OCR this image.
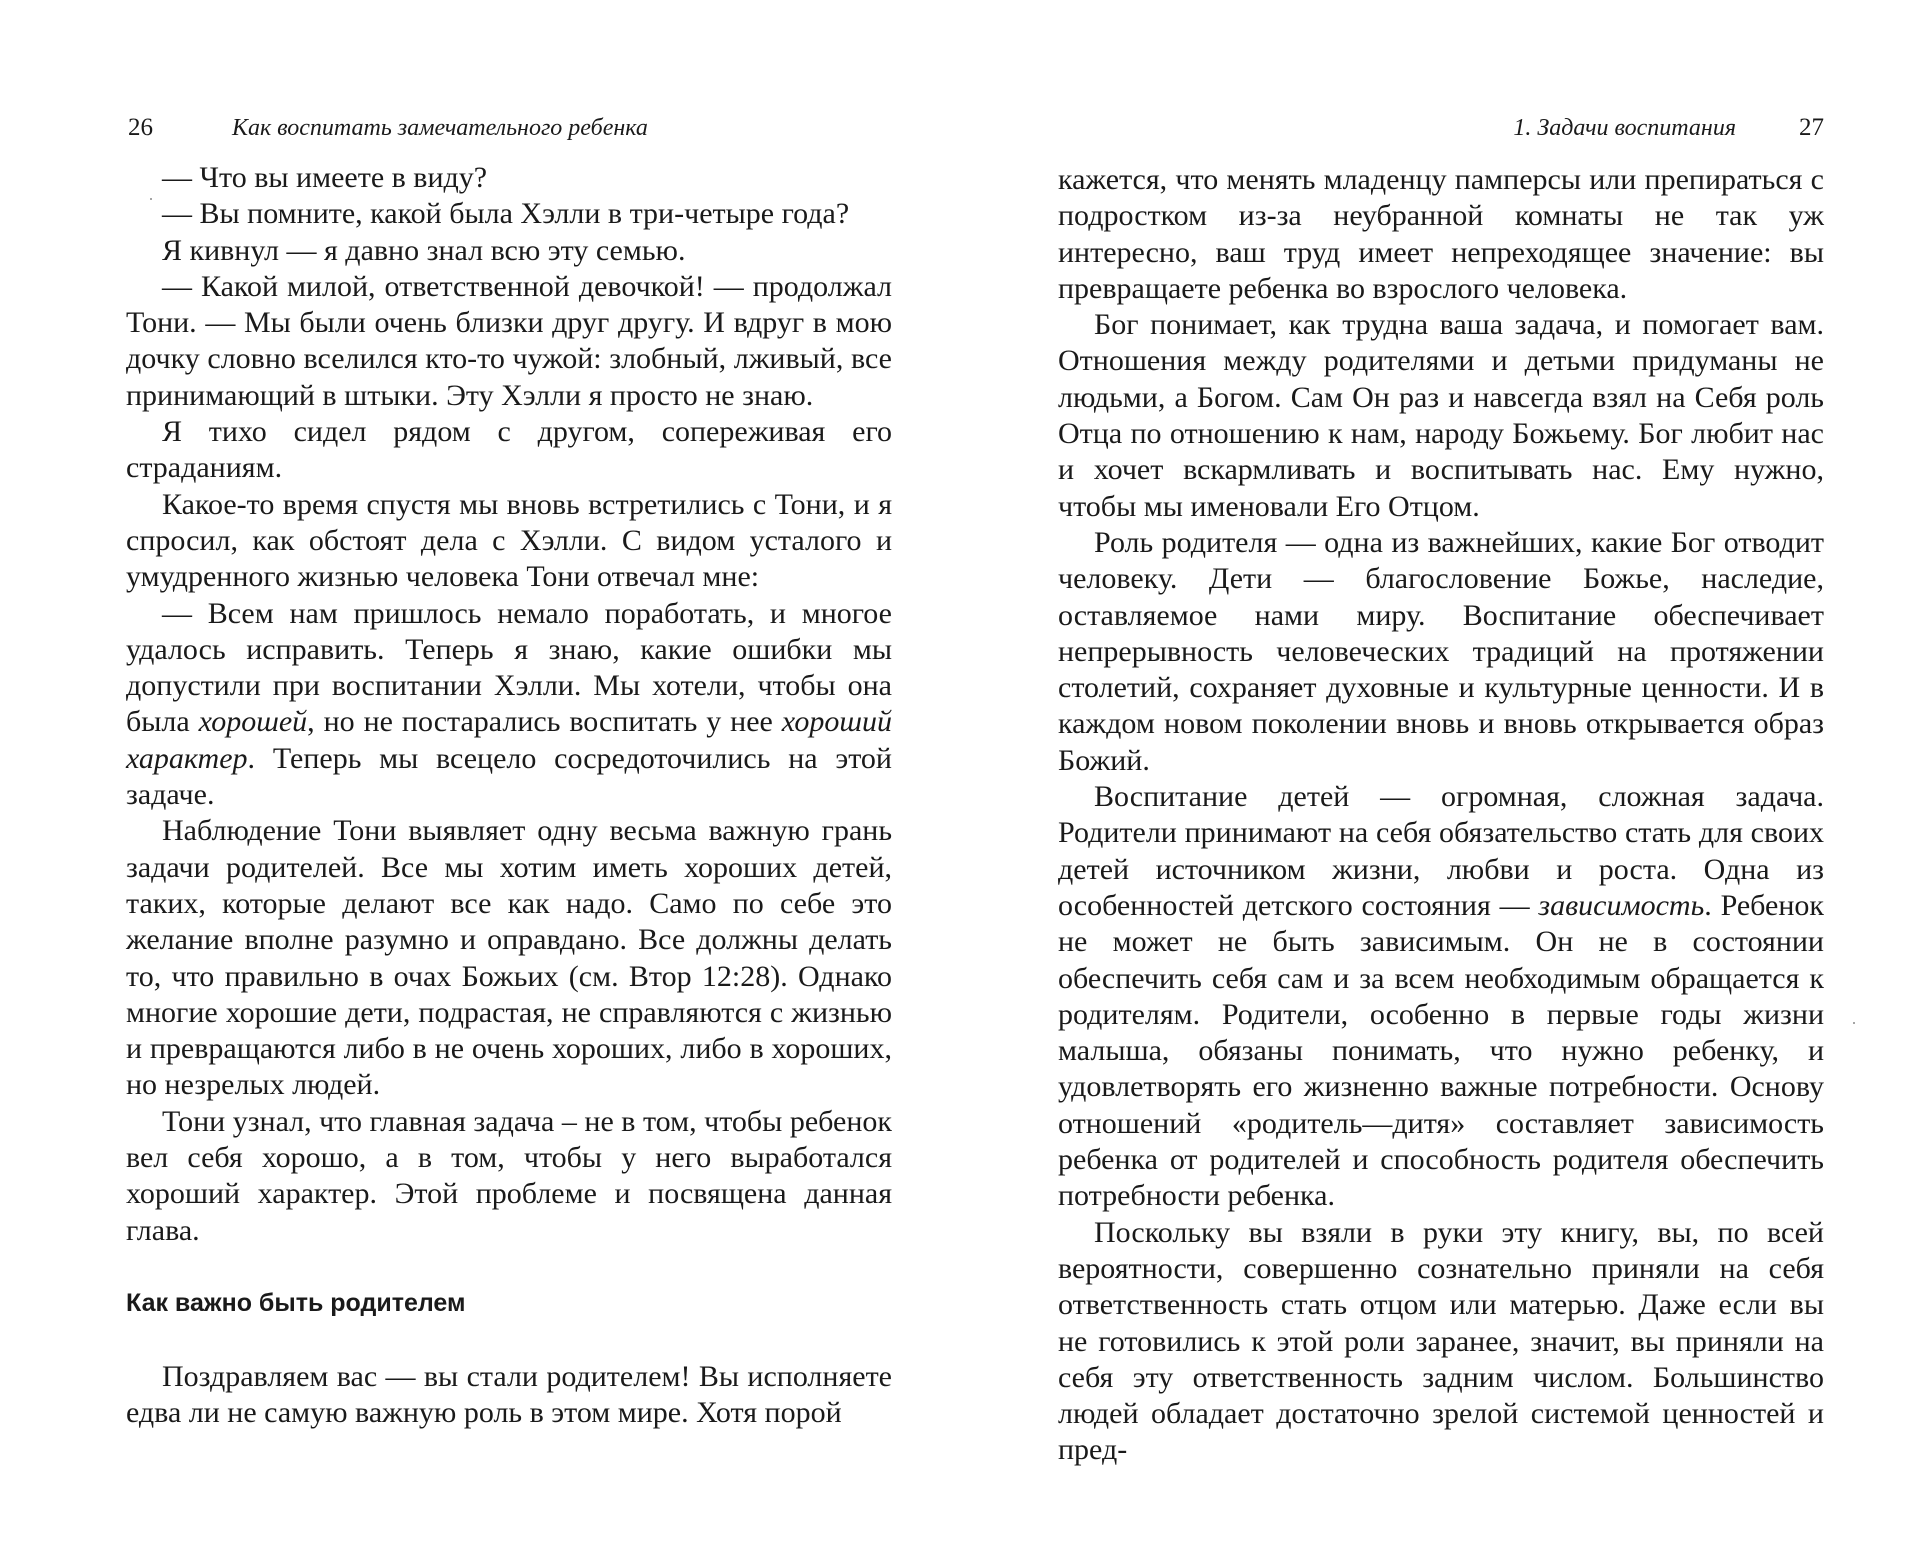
26	Как воспитать замечательного ребенка

— Что вы имеете в виду?

— Вы помните, какой была Хэлли в три-четыре года?

Я кивнул — я давно знал всю эту семью.

— Какой милой, ответственной девочкой! — продолжал Тони. — Мы были очень близки друг другу. И вдруг в мою дочку словно вселился кто-то чужой: злобный, лживый, все принимающий в штыки. Эту Хэлли я просто не знаю.

Я тихо сидел рядом с другом, сопереживая его страданиям.

Какое-то время спустя мы вновь встретились с Тони, и я спросил, как обстоят дела с Хэлли. С видом усталого и умудренного жизнью человека Тони отвечал мне:

— Всем нам пришлось немало поработать, и многое удалось исправить. Теперь я знаю, какие ошибки мы допустили при воспитании Хэлли. Мы хотели, чтобы она была хорошей, но не постарались воспитать у нее хороший характер. Теперь мы всецело сосредоточились на этой задаче.

Наблюдение Тони выявляет одну весьма важную грань задачи родителей. Все мы хотим иметь хороших детей, таких, которые делают все как надо. Само по себе это желание вполне разумно и оправдано. Все должны делать то, что правильно в очах Божьих (см. Втор 12:28). Однако многие хорошие дети, подрастая, не справляются с жизнью и превращаются либо в не очень хороших, либо в хороших, но незрелых людей.

Тони узнал, что главная задача – не в том, чтобы ребенок вел себя хорошо, а в том, чтобы у него выработался хороший характер. Этой проблеме и посвящена данная глава.

Как важно быть родителем

Поздравляем вас — вы стали родителем! Вы исполняете едва ли не самую важную роль в этом мире. Хотя порой

1. Задачи воспитания	27

кажется, что менять младенцу памперсы или препираться с подростком из-за неубранной комнаты не так уж интересно, ваш труд имеет непреходящее значение: вы превращаете ребенка во взрослого человека.

Бог понимает, как трудна ваша задача, и помогает вам. Отношения между родителями и детьми придуманы не людьми, а Богом. Сам Он раз и навсегда взял на Себя роль Отца по отношению к нам, народу Божьему. Бог любит нас и хочет вскармливать и воспитывать нас. Ему нужно, чтобы мы именовали Его Отцом.

Роль родителя — одна из важнейших, какие Бог отводит человеку. Дети — благословение Божье, наследие, оставляемое нами миру. Воспитание обеспечивает непрерывность человеческих традиций на протяжении столетий, сохраняет духовные и культурные ценности. И в каждом новом поколении вновь и вновь открывается образ Божий.

Воспитание детей — огромная, сложная задача. Родители принимают на себя обязательство стать для своих детей источником жизни, любви и роста. Одна из особенностей детского состояния — зависимость. Ребенок не может не быть зависимым. Он не в состоянии обеспечить себя сам и за всем необходимым обращается к родителям. Родители, особенно в первые годы жизни малыша, обязаны понимать, что нужно ребенку, и удовлетворять его жизненно важные потребности. Основу отношений «родитель—дитя» составляет зависимость ребенка от родителей и способность родителя обеспечить потребности ребенка.

Поскольку вы взяли в руки эту книгу, вы, по всей вероятности, совершенно сознательно приняли на себя ответственность стать отцом или матерью. Даже если вы не готовились к этой роли заранее, значит, вы приняли на себя эту ответственность задним числом. Большинство людей обладает достаточно зрелой системой ценностей и пред-
